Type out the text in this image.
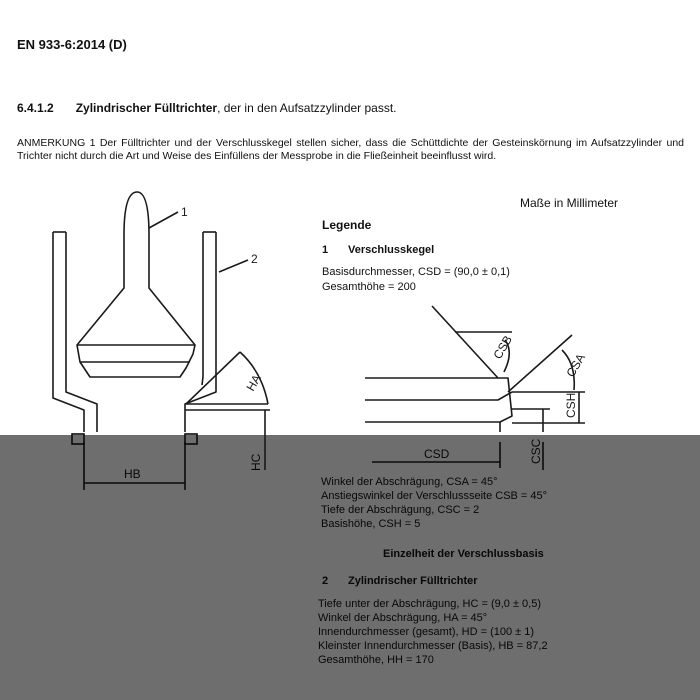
EN 933-6:2014 (D)
6.4.1.2 Zylindrischer Fülltrichter, der in den Aufsatzzylinder passt.
ANMERKUNG 1 Der Fülltrichter und der Verschlusskegel stellen sicher, dass die Schüttdichte der Gesteinskörnung im Aufsatzzylinder und Trichter nicht durch die Art und Weise des Einfüllens der Messprobe in die Fließeinheit beeinflusst wird.
Maße in Millimeter
Legende
1 Verschlusskegel
Basisdurchmesser, CSD = (90,0 ± 0,1)
Gesamthöhe = 200
1
2
HA
CSB
CSA
CSH
HB
HC	CSD	CSC
Winkel der Abschrägung, CSA = 45°
Anstiegswinkel der Verschlussseite CSB = 45°
Tiefe der Abschrägung, CSC = 2
Basishöhe, CSH = 5
Einzelheit der Verschlussbasis
2 Zylindrischer Fülltrichter
Tiefe unter der Abschrägung, HC = (9,0 ± 0,5)
Winkel der Abschrägung, HA = 45°
Innendurchmesser (gesamt), HD = (100 ± 1)
Kleinster Innendurchmesser (Basis), HB = 87,2
Gesamthöhe, HH = 170
